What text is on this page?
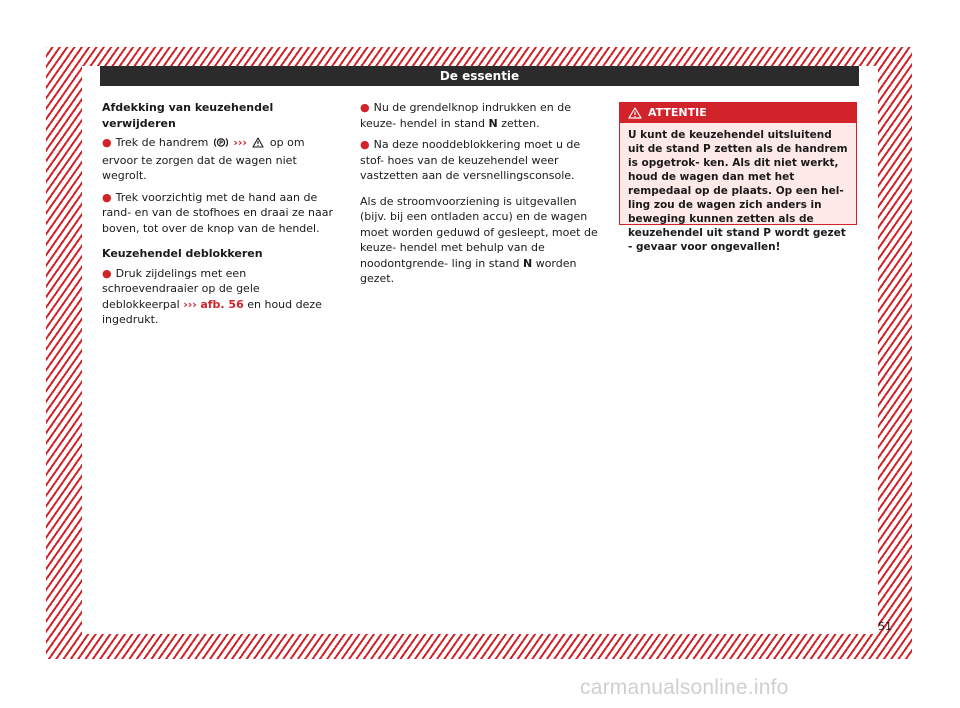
De essentie

Afdekking van keuzehendel verwijderen

● Trek de handrem P ››› op om ervoor te zorgen dat de wagen niet wegrolt.

● Trek voorzichtig met de hand aan de rand- en van de stofhoes en draai ze naar boven, tot over de knop van de hendel.

Keuzehendel deblokkeren

● Druk zijdelings met een schroevendraaier op de gele deblokkeerpal ››› afb. 56 en houd deze ingedrukt.

● Nu de grendelknop indrukken en de keuze- hendel in stand N zetten.

● Na deze nooddeblokkering moet u de stof- hoes van de keuzehendel weer vastzetten aan de versnellingsconsole.

Als de stroomvoorziening is uitgevallen (bijv. bij een ontladen accu) en de wagen moet worden geduwd of gesleept, moet de keuze- hendel met behulp van de noodontgrende- ling in stand N worden gezet.

ATTENTIE
U kunt de keuzehendel uitsluitend uit de stand P zetten als de handrem is opgetrok- ken. Als dit niet werkt, houd de wagen dan met het rempedaal op de plaats. Op een hel- ling zou de wagen zich anders in beweging kunnen zetten als de keuzehendel uit stand P wordt gezet - gevaar voor ongevallen!
51
carmanualsonline.info
